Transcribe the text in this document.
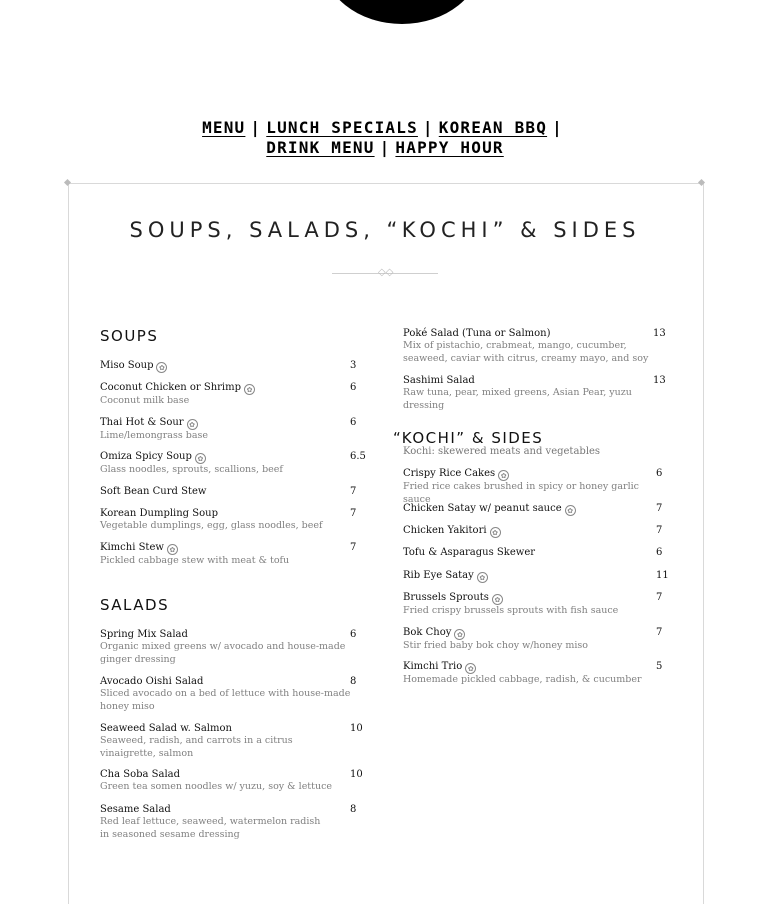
MENU | LUNCH SPECIALS | KOREAN BBQ |
DRINK MENU | HAPPY HOUR
SOUPS, SALADS, “KOCHI” & SIDES
◇◇
SOUPS
Miso Soup ✿	3
Coconut Chicken or Shrimp ✿	6
Coconut milk base
Thai Hot & Sour ✿	6
Lime/lemongrass base
Omiza Spicy Soup ✿	6.5
Glass noodles, sprouts, scallions, beef
Soft Bean Curd Stew	7
Korean Dumpling Soup	7
Vegetable dumplings, egg, glass noodles, beef
Kimchi Stew ✿	7
Pickled cabbage stew with meat & tofu
SALADS
Spring Mix Salad	6
Organic mixed greens w/ avocado and house-made
ginger dressing
Avocado Oishi Salad	8
Sliced avocado on a bed of lettuce with house-made
honey miso
Seaweed Salad w. Salmon	10
Seaweed, radish, and carrots in a citrus
vinaigrette, salmon
Cha Soba Salad	10
Green tea somen noodles w/ yuzu, soy & lettuce
Sesame Salad	8
Red leaf lettuce, seaweed, watermelon radish
in seasoned sesame dressing
Poké Salad (Tuna or Salmon)	13
Mix of pistachio, crabmeat, mango, cucumber,
seaweed, caviar with citrus, creamy mayo, and soy
Sashimi Salad	13
Raw tuna, pear, mixed greens, Asian Pear, yuzu dressing
“KOCHI” & SIDES
Kochi: skewered meats and vegetables
Crispy Rice Cakes ✿	6
Fried rice cakes brushed in spicy or honey garlic sauce
Chicken Satay w/ peanut sauce ✿	7
Chicken Yakitori ✿	7
Tofu & Asparagus Skewer	6
Rib Eye Satay ✿	11
Brussels Sprouts ✿	7
Fried crispy brussels sprouts with fish sauce
Bok Choy ✿	7
Stir fried baby bok choy w/honey miso
Kimchi Trio ✿	5
Homemade pickled cabbage, radish, & cucumber
